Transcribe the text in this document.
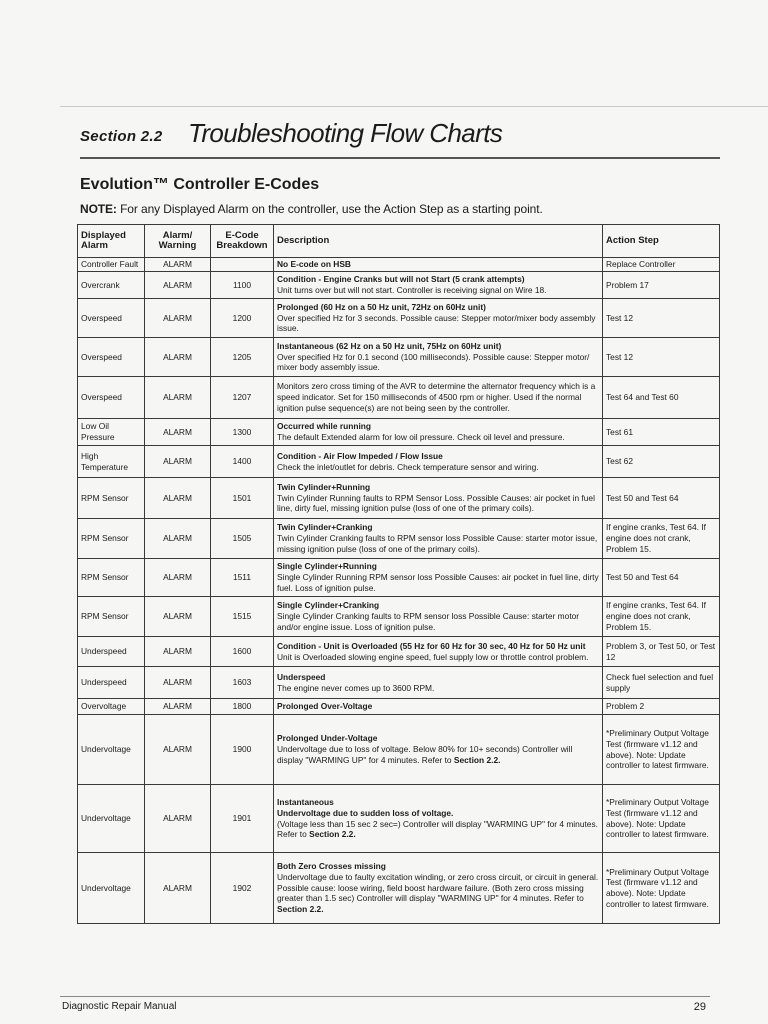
Section 2.2 Troubleshooting Flow Charts
Evolution™ Controller E-Codes
NOTE: For any Displayed Alarm on the controller, use the Action Step as a starting point.
Displayed Alarm	Alarm/ Warning	E-Code Breakdown	Description	Action Step
Controller Fault	ALARM		No E-code on HSB	Replace Controller
Overcrank	ALARM	1100	Condition - Engine Cranks but will not Start (5 crank attempts)
Unit turns over but will not start. Controller is receiving signal on Wire 18.	Problem 17
Overspeed	ALARM	1200	Prolonged (60 Hz on a 50 Hz unit, 72Hz on 60Hz unit)
Over specified Hz for 3 seconds. Possible cause: Stepper motor/mixer body assembly issue.	Test 12
Overspeed	ALARM	1205	Instantaneous (62 Hz on a 50 Hz unit, 75Hz on 60Hz unit)
Over specified Hz for 0.1 second (100 milliseconds). Possible cause: Stepper motor/ mixer body assembly issue.	Test 12
Overspeed	ALARM	1207	Monitors zero cross timing of the AVR to determine the alternator frequency which is a speed indicator. Set for 150 milliseconds of 4500 rpm or higher. Used if the normal ignition pulse sequence(s) are not being seen by the controller.	Test 64 and Test 60
Low Oil Pressure	ALARM	1300	Occurred while running
The default Extended alarm for low oil pressure. Check oil level and pressure.	Test 61
High Temperature	ALARM	1400	Condition - Air Flow Impeded / Flow Issue
Check the inlet/outlet for debris. Check temperature sensor and wiring.	Test 62
RPM Sensor	ALARM	1501	Twin Cylinder+Running
Twin Cylinder Running faults to RPM Sensor Loss. Possible Causes: air pocket in fuel line, dirty fuel, missing ignition pulse (loss of one of the primary coils).	Test 50 and Test 64
RPM Sensor	ALARM	1505	Twin Cylinder+Cranking
Twin Cylinder Cranking faults to RPM sensor loss Possible Cause: starter motor issue, missing ignition pulse (loss of one of the primary coils).	If engine cranks, Test 64. If engine does not crank, Problem 15.
RPM Sensor	ALARM	1511	Single Cylinder+Running
Single Cylinder Running RPM sensor loss Possible Causes: air pocket in fuel line, dirty fuel. Loss of ignition pulse.	Test 50 and Test 64
RPM Sensor	ALARM	1515	Single Cylinder+Cranking
Single Cylinder Cranking faults to RPM sensor loss Possible Cause: starter motor and/or engine issue. Loss of ignition pulse.	If engine cranks, Test 64. If engine does not crank, Problem 15.
Underspeed	ALARM	1600	Condition - Unit is Overloaded (55 Hz for 60 Hz for 30 sec, 40 Hz for 50 Hz unit
Unit is Overloaded slowing engine speed, fuel supply low or throttle control problem.	Problem 3, or Test 50, or Test 12
Underspeed	ALARM	1603	Underspeed
The engine never comes up to 3600 RPM.	Check fuel selection and fuel supply
Overvoltage	ALARM	1800	Prolonged Over-Voltage	Problem 2
Undervoltage	ALARM	1900	Prolonged Under-Voltage
Undervoltage due to loss of voltage. Below 80% for 10+ seconds) Controller will display "WARMING UP" for 4 minutes. Refer to Section 2.2.	*Preliminary Output Voltage Test (firmware v1.12 and above). Note: Update controller to latest firmware.
Undervoltage	ALARM	1901	Instantaneous
Undervoltage due to sudden loss of voltage.
(Voltage less than 15 sec 2 sec=) Controller will display "WARMING UP" for 4 minutes. Refer to Section 2.2.	*Preliminary Output Voltage Test (firmware v1.12 and above). Note: Update controller to latest firmware.
Undervoltage	ALARM	1902	Both Zero Crosses missing
Undervoltage due to faulty excitation winding, or zero cross circuit, or circuit in general. Possible cause: loose wiring, field boost hardware failure. (Both zero cross missing greater than 1.5 sec) Controller will display "WARMING UP" for 4 minutes. Refer to Section 2.2.	*Preliminary Output Voltage Test (firmware v1.12 and above). Note: Update controller to latest firmware.
Diagnostic Repair Manual	29
